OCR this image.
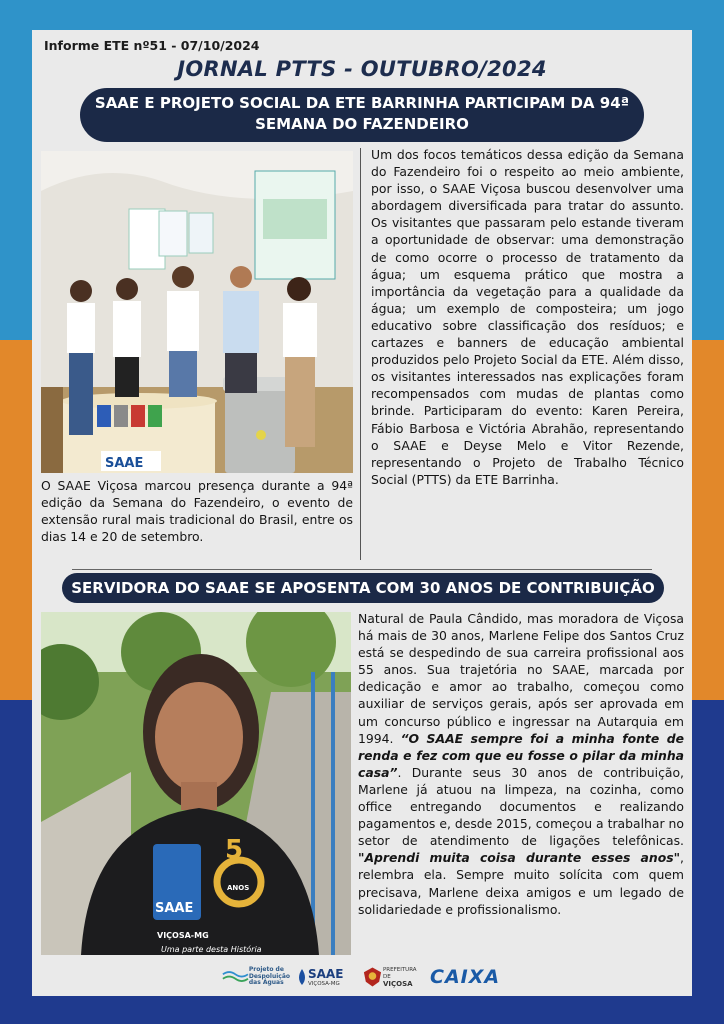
Informe ETE nº51 - 07/10/2024
JORNAL PTTS - OUTUBRO/2024
SAAE E PROJETO SOCIAL DA ETE BARRINHA PARTICIPAM DA 94ª SEMANA DO FAZENDEIRO
SAAE
O SAAE Viçosa marcou presença durante a 94ª edição da Semana do Fazendeiro, o evento de extensão rural mais tradicional do Brasil, entre os dias 14 e 20 de setembro.
Um dos focos temáticos dessa edição da Semana do Fazendeiro foi o respeito ao meio ambiente, por isso, o SAAE Viçosa buscou desenvolver uma abordagem diversificada para tratar do assunto. Os visitantes que passaram pelo estande tiveram a oportunidade de observar: uma demonstração de como ocorre o processo de tratamento da água; um esquema prático que mostra a importância da vegetação para a qualidade da água; um exemplo de composteira; um jogo educativo sobre classificação dos resíduos; e cartazes e banners de educação ambiental produzidos pelo Projeto Social da ETE. Além disso, os visitantes interessados nas explicações foram recompensados com mudas de plantas como brinde. Participaram do evento: Karen Pereira, Fábio Barbosa e Victória Abrahão, representando o SAAE e Deyse Melo e Vitor Rezende, representando o Projeto de Trabalho Técnico Social (PTTS) da ETE Barrinha.
SERVIDORA DO SAAE SE APOSENTA COM 30 ANOS DE CONTRIBUIÇÃO
SAAE
VIÇOSA-MG
5
ANOS
Uma parte desta História
Natural de Paula Cândido, mas moradora de Viçosa há mais de 30 anos, Marlene Felipe dos Santos Cruz está se despedindo de sua carreira profissional aos 55 anos. Sua trajetória no SAAE, marcada por dedicação e amor ao trabalho, começou como auxiliar de serviços gerais, após ser aprovada em um concurso público e ingressar na Autarquia em 1994. “O SAAE sempre foi a minha fonte de renda e fez com que eu fosse o pilar da minha casa”. Durante seus 30 anos de contribuição, Marlene já atuou na limpeza, na cozinha, como office entregando documentos e realizando pagamentos e, desde 2015, começou a trabalhar no setor de atendimento de ligações telefônicas. "Aprendi muita coisa durante esses anos", relembra ela. Sempre muito solícita com quem precisava, Marlene deixa amigos e um legado de solidariedade e profissionalismo.
Projeto de
Despoluição
das Águas
SAAE
VIÇOSA-MG
PREFEITURA DE
VIÇOSA CAIXA
